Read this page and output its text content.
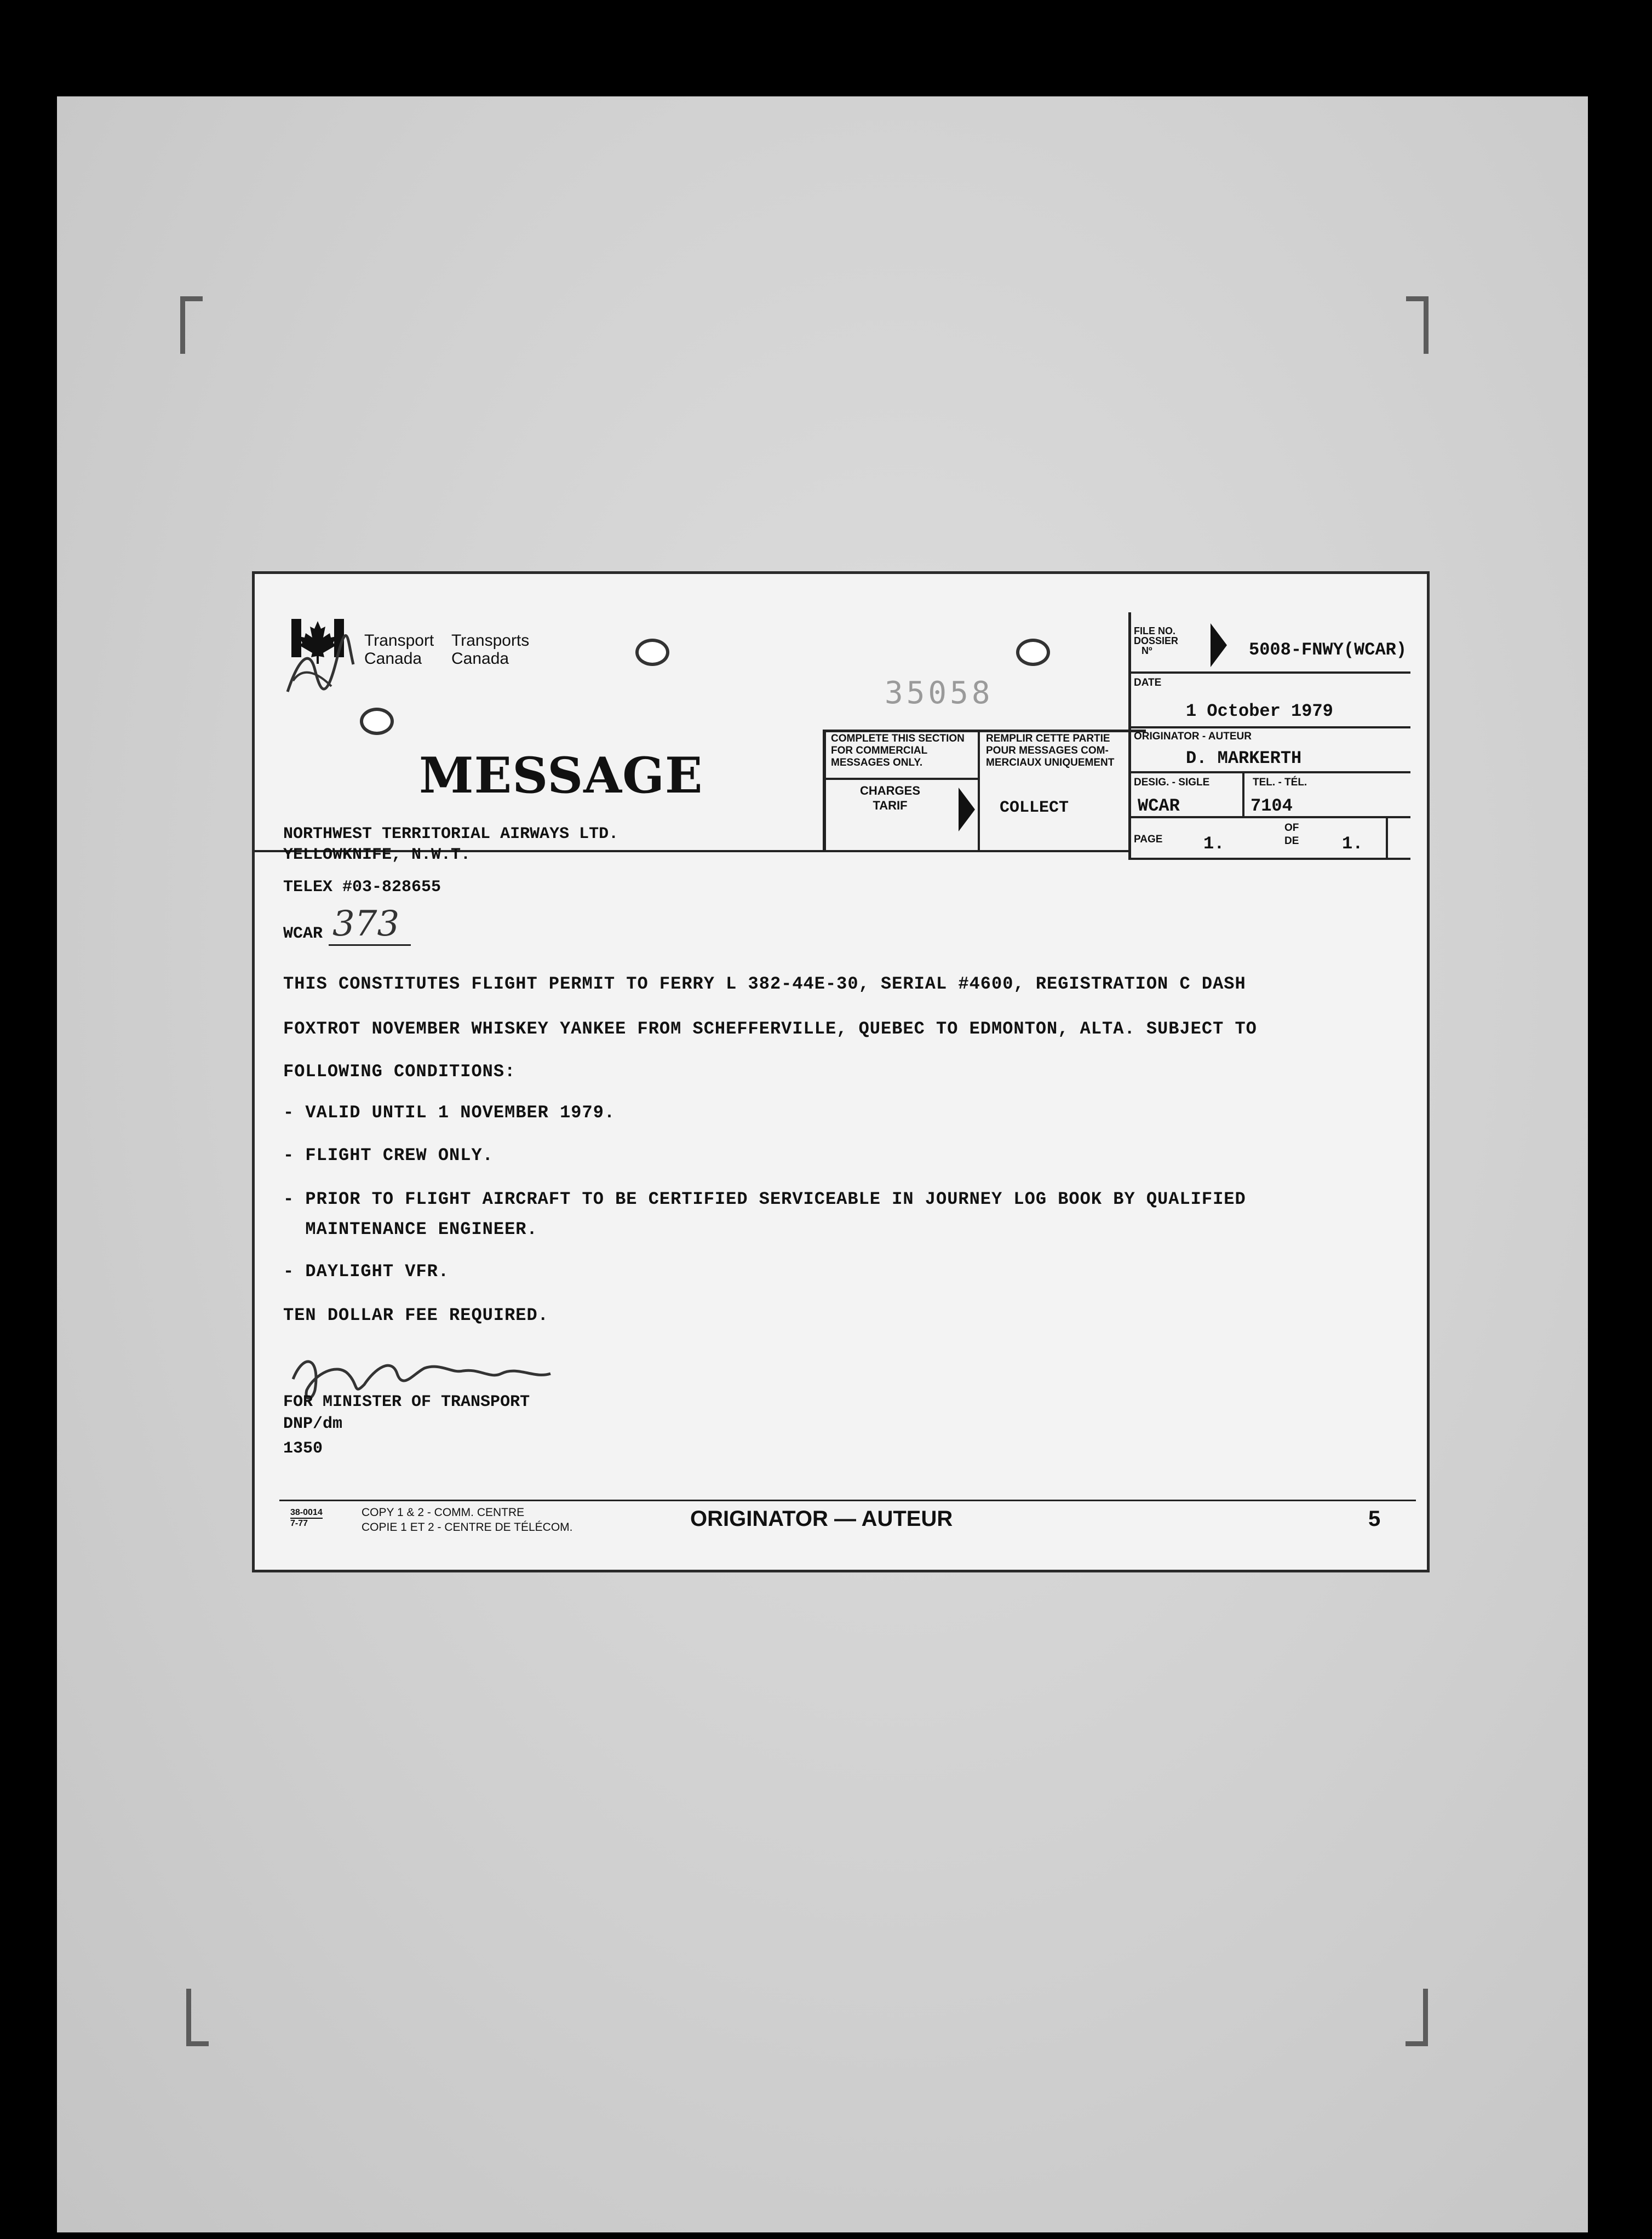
Transport
Canada
Transports
Canada
MESSAGE
35058
COMPLETE THIS SECTION
FOR COMMERCIAL
MESSAGES ONLY.
REMPLIR CETTE PARTIE
POUR MESSAGES COM-
MERCIAUX UNIQUEMENT
CHARGES
TARIF	COLLECT
FILE NO.
DOSSIER
Nº	5008-FNWY(WCAR)
DATE
1 October 1979
ORIGINATOR - AUTEUR
D. MARKERTH
DESIG. - SIGLE
WCAR
TEL. - TÉL.
7104
PAGE 1.
OF
DE 1.
NORTHWEST TERRITORIAL AIRWAYS LTD.
YELLOWKNIFE, N.W.T.
TELEX #03-828655
WCAR 373
THIS CONSTITUTES FLIGHT PERMIT TO FERRY L 382-44E-30, SERIAL #4600, REGISTRATION C DASH
FOXTROT NOVEMBER WHISKEY YANKEE FROM SCHEFFERVILLE, QUEBEC TO EDMONTON, ALTA. SUBJECT TO
FOLLOWING CONDITIONS:
- VALID UNTIL 1 NOVEMBER 1979.
- FLIGHT CREW ONLY.
- PRIOR TO FLIGHT AIRCRAFT TO BE CERTIFIED SERVICEABLE IN JOURNEY LOG BOOK BY QUALIFIED
MAINTENANCE ENGINEER.
- DAYLIGHT VFR.
TEN DOLLAR FEE REQUIRED.
FOR MINISTER OF TRANSPORT
DNP/dm
1350
38-0014
7-77
COPY 1 & 2 - COMM. CENTRE
COPIE 1 ET 2 - CENTRE DE TÉLÉCOM.	ORIGINATOR — AUTEUR	5
